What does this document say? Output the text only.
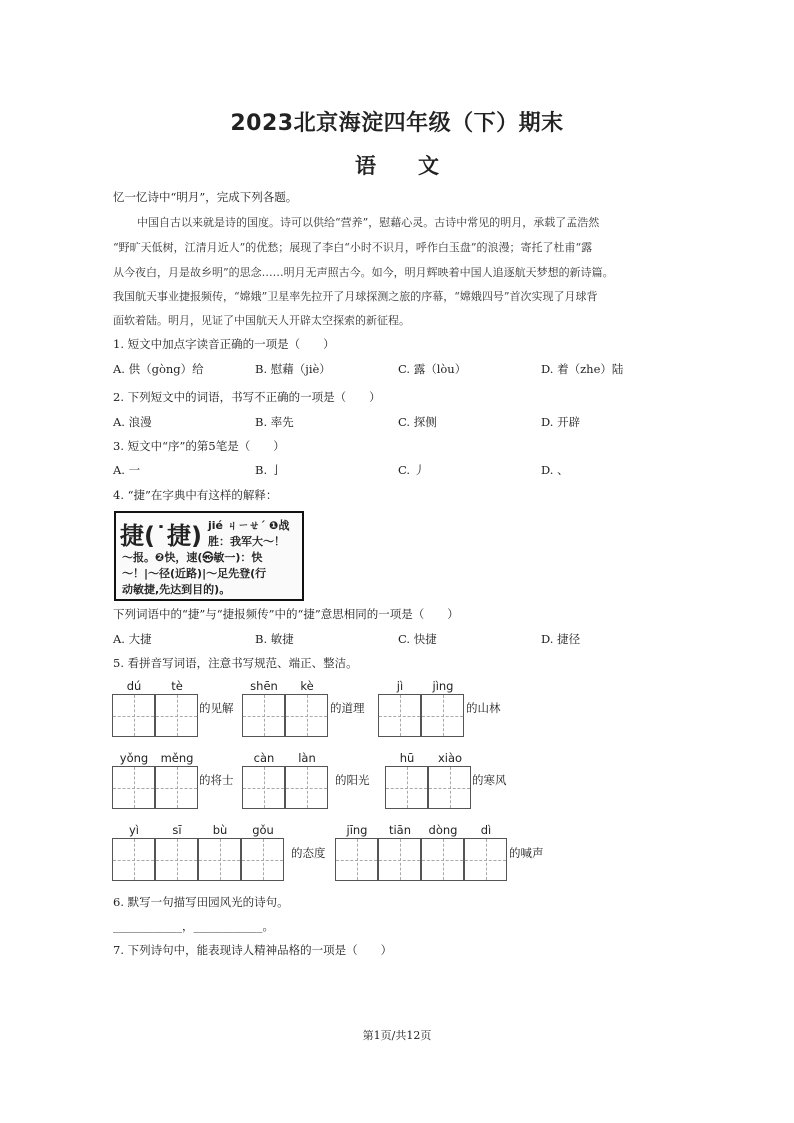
2023北京海淀四年级（下）期末
语　　文
忆一忆诗中“明月”，完成下列各题。
中国自古以来就是诗的国度。诗可以供给“营养”，慰藉心灵。古诗中常见的明月，承载了孟浩然
“野旷天低树，江清月近人”的优愁；展现了李白“小时不识月，呼作白玉盘”的浪漫；寄托了杜甫“露
从今夜白，月是故乡明”的思念……明月无声照古今。如今，明月辉映着中国人追逐航天梦想的新诗篇。
我国航天事业捷报频传，“嫦娥”卫星率先拉开了月球探测之旅的序幕，“嫦娥四号”首次实现了月球背
面软着陆。明月，见证了中国航天人开辟太空探索的新征程。
1. 短文中加点字读音正确的一项是（　　）
A. 供（gòng）给	B. 慰藉（jiè）	C. 露（lòu）	D. 着（zhe）陆
2. 下列短文中的词语，书写不正确的一项是（　　）
A. 浪漫	B. 率先	C. 探侧	D. 开辟
3. 短文中“序”的第5笔是（　　）
A. 一	B. 亅	C. 丿	D. 、
4. “捷”在字典中有这样的解释：
捷(˙捷) jié ㄐㄧㄝˊ ❶战
胜：我军大～！
～报。❷快，速(㉿敏一)：快
～！|～径(近路)|～足先登(行
动敏捷,先达到目的)。
下列词语中的“捷”与“捷报频传”中的“捷”意思相同的一项是（　　）
A. 大捷	B. 敏捷	C. 快捷	D. 捷径
5. 看拼音写词语，注意书写规范、端正、整洁。
dú	tè
的见解
shēn	kè
的道理
jì	jìng
的山林
yǒng	měng
的将士
càn	làn
的阳光
hū	xiào
的寒风
yì	sī	bù	gǒu
的态度
jīng	tiān	dòng	dì
的喊声
6. 默写一句描写田园风光的诗句。
____________，____________。
7. 下列诗句中，能表现诗人精神品格的一项是（　　）
第1页/共12页
